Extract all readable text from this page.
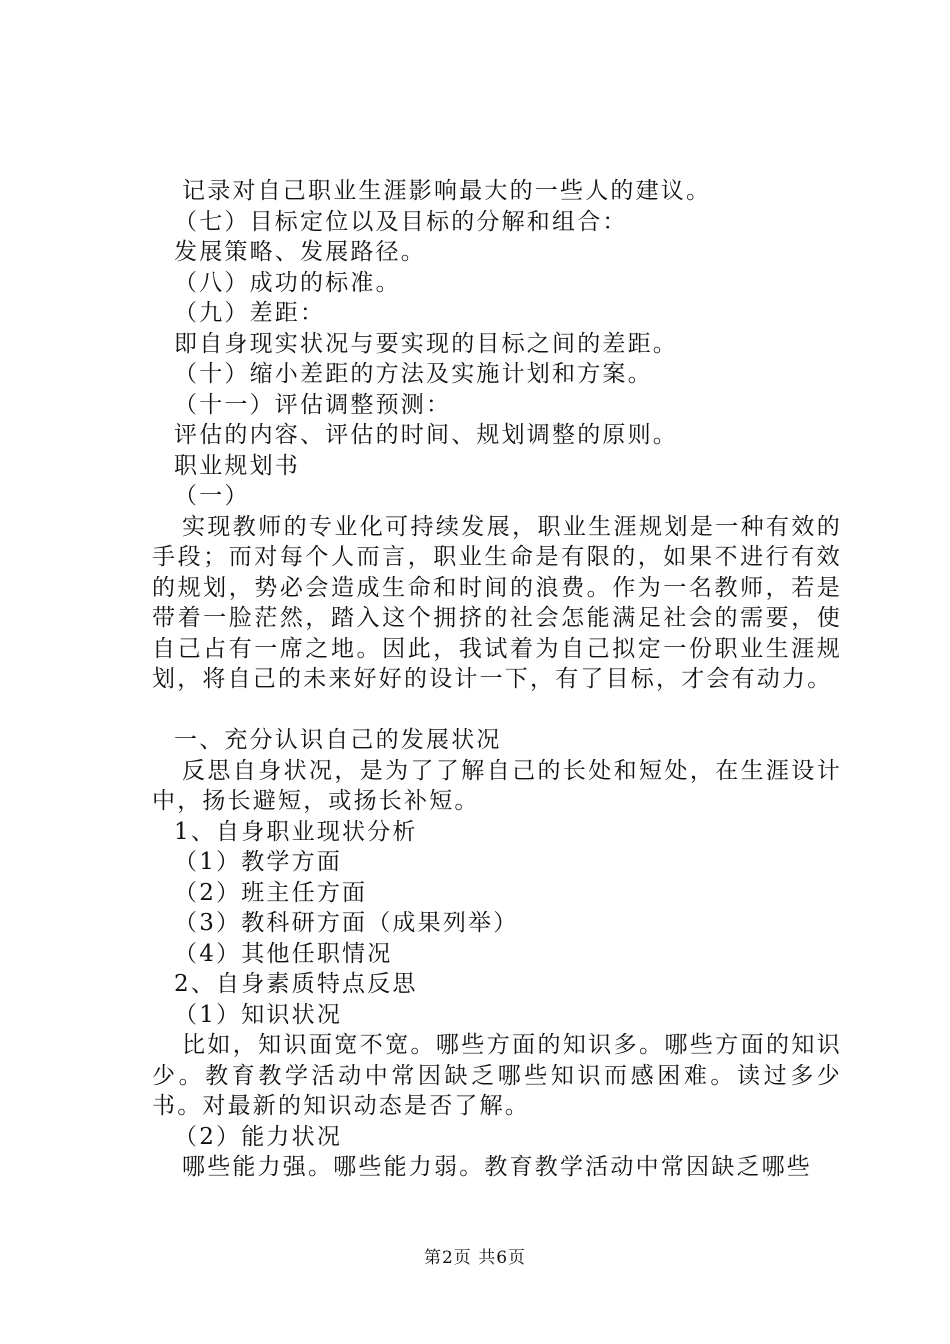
记录对自己职业生涯影响最大的一些人的建议。
（七）目标定位以及目标的分解和组合：
发展策略、发展路径。
（八）成功的标准。
（九）差距：
即自身现实状况与要实现的目标之间的差距。
（十）缩小差距的方法及实施计划和方案。
（十一）评估调整预测：
评估的内容、评估的时间、规划调整的原则。
职业规划书
（一）
实现教师的专业化可持续发展，职业生涯规划是一种有效的手段；而对每个人而言，职业生命是有限的，如果不进行有效的规划，势必会造成生命和时间的浪费。作为一名教师，若是带着一脸茫然，踏入这个拥挤的社会怎能满足社会的需要，使自己占有一席之地。因此，我试着为自己拟定一份职业生涯规划，将自己的未来好好的设计一下，有了目标，才会有动力。
一、充分认识自己的发展状况
反思自身状况，是为了了解自己的长处和短处，在生涯设计中，扬长避短，或扬长补短。
1、自身职业现状分析
（1）教学方面
（2）班主任方面
（3）教科研方面（成果列举）
（4）其他任职情况
2、自身素质特点反思
（1）知识状况
比如，知识面宽不宽。哪些方面的知识多。哪些方面的知识少。教育教学活动中常因缺乏哪些知识而感困难。读过多少书。对最新的知识动态是否了解。
（2）能力状况
哪些能力强。哪些能力弱。教育教学活动中常因缺乏哪些
第2页 共6页
